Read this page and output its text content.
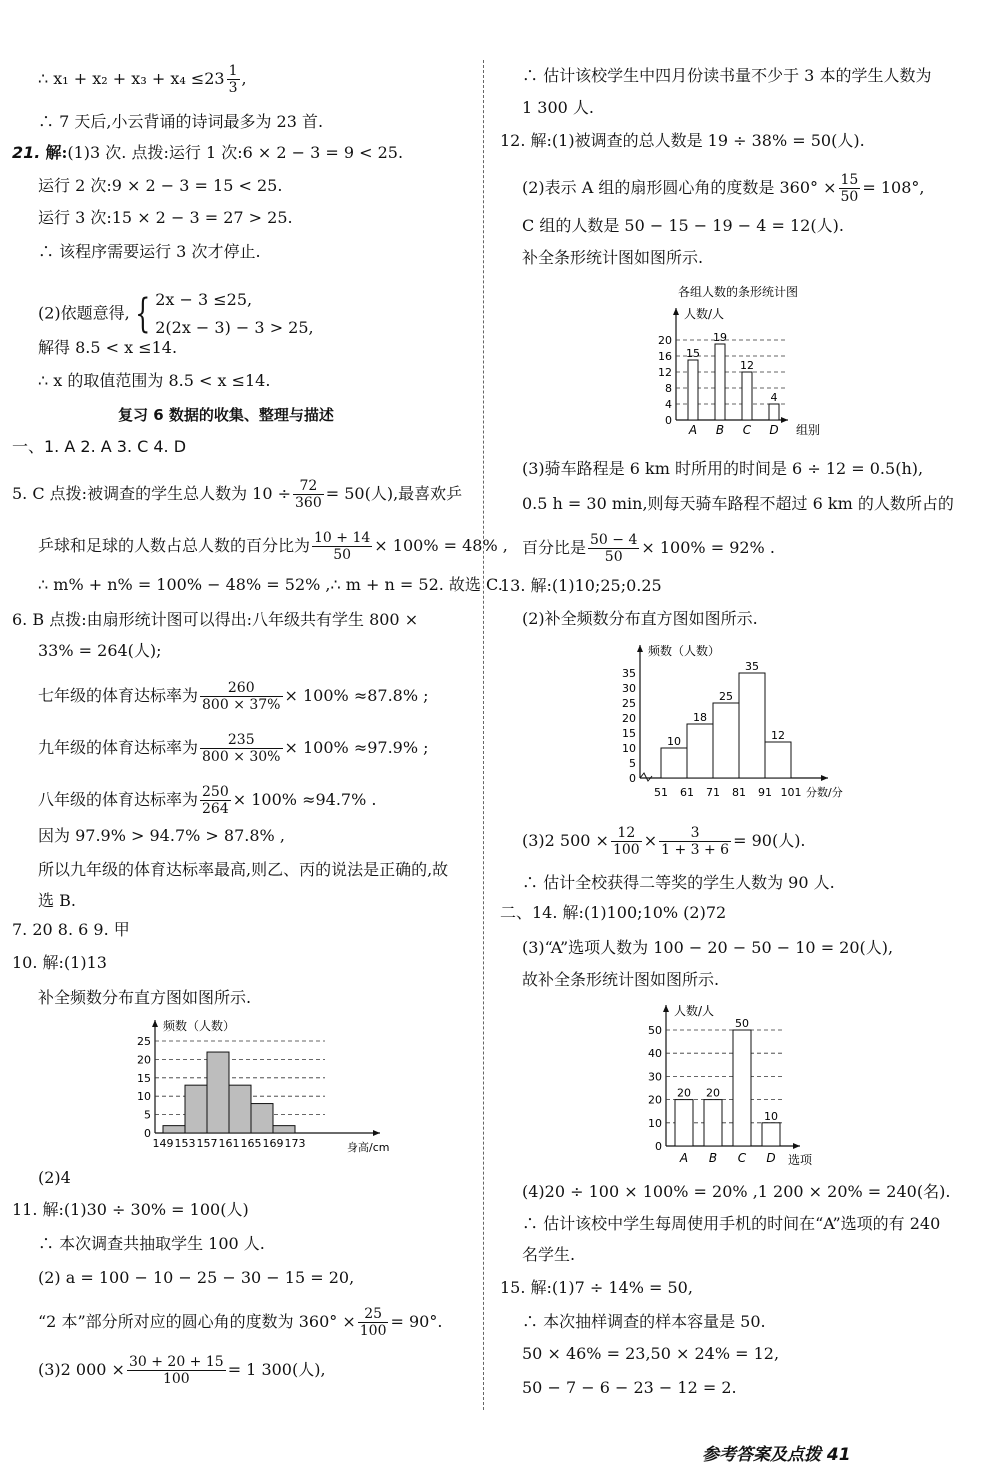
∴ $x_1 + x_2 + x_3 + x_4 \le 23 \frac{1}{3}$ ,
∴ 7 天后,小云背诵的诗词最多为 23 首.
21. 解:(1)3 次. 点拨:运行 1 次:6 × 2 − 3 = 9 < 25.
运行 2 次:9 × 2 − 3 = 15 < 25.
运行 3 次:15 × 2 − 3 = 27 > 25.
∴ 该程序需要运行 3 次才停止.
(2)依题意得, { 2x − 3 ≤25,
2(2x − 3) − 3 > 25,
解得 8.5 < x ≤14.
∴ x 的取值范围为 8.5 < x ≤14.
复习 6 数据的收集、整理与描述
一、1. A 2. A 3. C 4. D
5. C 点拨:被调查的学生总人数为 $10 \div \frac{72}{360} = 50$(人),最喜欢乒
乒球和足球的人数占总人数的百分比为 $\frac{10 + 14}{50} \times 100\% = 48\%$ ,
∴ m% + n% = 100% − 48% = 52% ,∴ m + n = 52. 故选 C.
6. B 点拨:由扇形统计图可以得出:八年级共有学生 800 ×
33% = 264(人);
七年级的体育达标率为 $\frac{260}{800 \times 37\%} \times 100\% \approx 87.8\%$ ;
九年级的体育达标率为 $\frac{235}{800 \times 30\%} \times 100\% \approx 97.9\%$ ;
八年级的体育达标率为 $\frac{250}{264} \times 100\% \approx 94.7\%$ .
因为 97.9% > 94.7% > 87.8% ,
所以九年级的体育达标率最高,则乙、丙的说法是正确的,故
选 B.
7. 20 8. 6 9. 甲
10. 解:(1)13
补全频数分布直方图如图所示.
频数（人数）
0
5
10
15
20
25
149 153 157 161 165 169 173	身高/cm
(2)4
11. 解:(1)30 ÷ 30% = 100(人)
∴ 本次调查共抽取学生 100 人.
(2) a = 100 − 10 − 25 − 30 − 15 = 20,
“2 本”部分所对应的圆心角的度数为 $360^\circ \times \frac{25}{100} = 90^\circ$.
(3)2 $000 \times \frac{30 + 20 + 15}{100} = 1$ 300(人),
∴ 估计该校学生中四月份读书量不少于 3 本的学生人数为
1 300 人.
12. 解:(1)被调查的总人数是 19 ÷ 38% = 50(人).
(2)表示 A 组的扇形圆心角的度数是 $360^\circ \times \frac{15}{50} = 108^\circ$,
C 组的人数是 50 − 15 − 19 − 4 = 12(人).
补全条形统计图如图所示.
各组人数的条形统计图
人数/人
0
4
8
12
16
20
15
A
19
B
12
C
4
D 组别
(3)骑车路程是 6 km 时所用的时间是 6 ÷ 12 = 0.5(h),
0.5 h = 30 min,则每天骑车路程不超过 6 km 的人数所占的
百分比是 $\frac{50 - 4}{50} \times 100\% = 92\%$ .
13. 解:(1)10;25;0.25
(2)补全频数分布直方图如图所示.
频数（人数）
0
5
10
15
20
25
30
35
10
18
25
35
12
51 61 71 81 91 101 分数/分
(3)2 $500 \times \frac{12}{100} \times \frac{3}{1 + 3 + 6} = 90$(人).
∴ 估计全校获得二等奖的学生人数为 90 人.
二、14. 解:(1)100;10% (2)72
(3)“A”选项人数为 100 − 20 − 50 − 10 = 20(人),
故补全条形统计图如图所示.
人数/人
0
10
20
30
40
50
20
A
20
B
50
C
10
D 选项
(4)20 ÷ 100 × 100% = 20% ,1 200 × 20% = 240(名).
∴ 估计该校中学生每周使用手机的时间在“A”选项的有 240
名学生.
15. 解:(1)7 ÷ 14% = 50,
∴ 本次抽样调查的样本容量是 50.
50 × 46% = 23,50 × 24% = 12,
50 − 7 − 6 − 23 − 12 = 2.
参考答案及点拨 41
